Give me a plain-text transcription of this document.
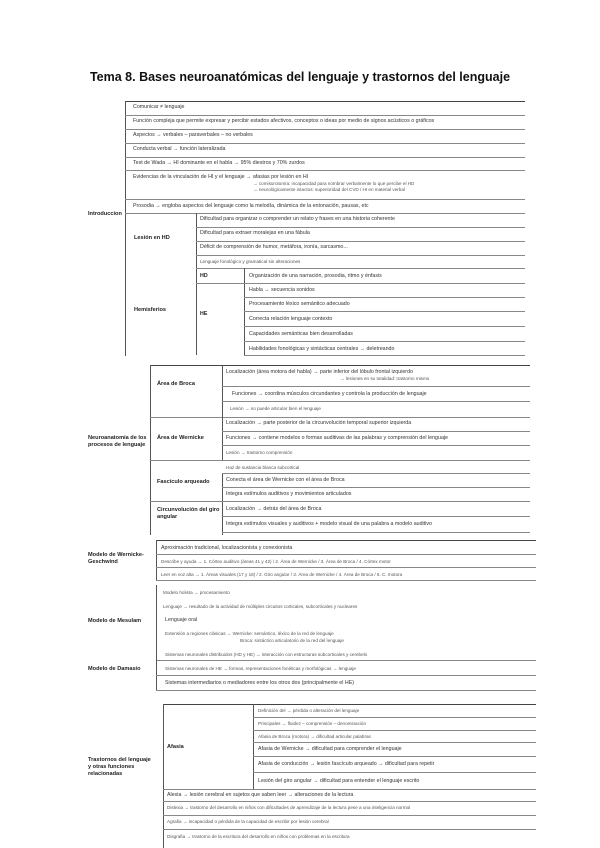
Tema 8. Bases neuroanatómicas del lenguaje y trastornos del lenguaje
Introduccion
Comunicar ≠ lenguaje
Función compleja que permite expresar y percibir estados afectivos, conceptos o ideas por medio de signos acústicos o gráficos
Aspectos → verbales – paraverbales – no verbales
Conducta verbal → función lateralizada
Test de Wada → HI dominante en el habla → 95% diestros y 70% zurdos
Evidencias de la vinculación de HI y el lenguaje → afasias por lesión en HI
→ comisurotomía: incapacidad para nombrar verbalmente lo que percibe el HD
→ neurológicamente intactos: superioridad del CVD / HI en material verbal
Prosodia → engloba aspectos del lenguaje como la melodía, dinámica de la entonación, pausas, etc
Lesión en HD
Dificultad para organizar o comprender un relato y frases en una historia coherente
Dificultad para extraer moralejas en una fábula
Déficit de comprensión de humor, metáfora, ironía, sarcasmo...
Lenguaje fonológico y gramatical sin alteraciones
Hemisferios
HD
HE
Organización de una narración, prosodia, ritmo y énfasis
Habla → secuencia sonidos
Procesamiento léxico semántico adecuado
Correcta relación lenguaje contexto
Capacidades semánticas bien desarrolladas
Habilidades fonológicas y sintácticas centrales → deletreando
Neuroanatomía de los procesos de lenguaje
Área de Broca
Localización (área motora del habla) → parte inferior del lóbulo frontal izquierdo
→ lesiones en su totalidad: trastorno mismo
Funciones → coordina músculos circundantes y controla la producción de lenguaje
Lesión → no puede articular bien el lenguaje
Área de Wernicke
Localización → parte posterior de la circunvolución temporal superior izquierda
Funciones → contiene modelos o formas auditivas de las palabras y comprensión del lenguaje
Lesión → trastorno comprensión
Haz de sustancia blanca subcortical
Fascículo arqueado	Conecta el área de Wernicke con el área de Broca
Integra estímulos auditivos y movimientos articulados
Circunvolución del giro angular
Localización → detrás del área de Broca
Integra estímulos visuales y auditivos + modelo visual de una palabra a modelo auditivo
Modelo de Wernicke-Geschwind
Aproximación tradicional, localizacionista y conexionista
Describe y ayuda → 1. Córtex auditivo (áreas 41 y 42) / 2. Área de Wernicke / 3. Área de Broca / 4. Córtex motor
Leer en voz alta → 1. Áreas visuales (17 y 18) / 2. Giro angular / 3. Área de Wernicke / 4. Área de Broca / 5. C. motora
Modelo de Mesulam
Modelo holista → procesamiento
Lenguaje → resultado de la actividad de múltiples circuitos corticales, subcorticales y nucleares
Lenguaje oral
Extensión a regiones clásicas → Wernicke: semántico, léxico de la red de lenguaje
Broca: sintáctico articulatorio de la red del lenguaje
Sistemas neuronales distribuidos (HD y HE) → interacción con estructuras subcorticales y cerebelo
Modelo de Damasio	Sistemas neuronales de HE → formas, representaciones fonéticas y morfológicas → lenguaje
Sistemas intermediarios o mediadores entre los otros dos (principalmente el HE)
Trastornos del lenguaje y otras funciones relacionadas
Afasia
Definición del → pérdida o alteración del lenguaje
Principales → fluidez – comprensión – denominación
Afasia de Broca (motora) → dificultad articular palabras
Afasia de Wernicke → dificultad para comprender el lenguaje
Afasia de conducción → lesión fascículo arqueado → dificultad para repetir
Lesión del giro angular → dificultad para entender el lenguaje escrito
Alexia → lesión cerebral en sujetos que saben leer → alteraciones de la lectura
Dislexia → trastorno del desarrollo en niños con dificultades de aprendizaje de la lectura pese a una inteligencia normal
Agrafia → incapacidad o pérdida de la capacidad de escribir por lesión cerebral
Disgrafia → trastorno de la escritura del desarrollo en niños con problemas en la escritura
